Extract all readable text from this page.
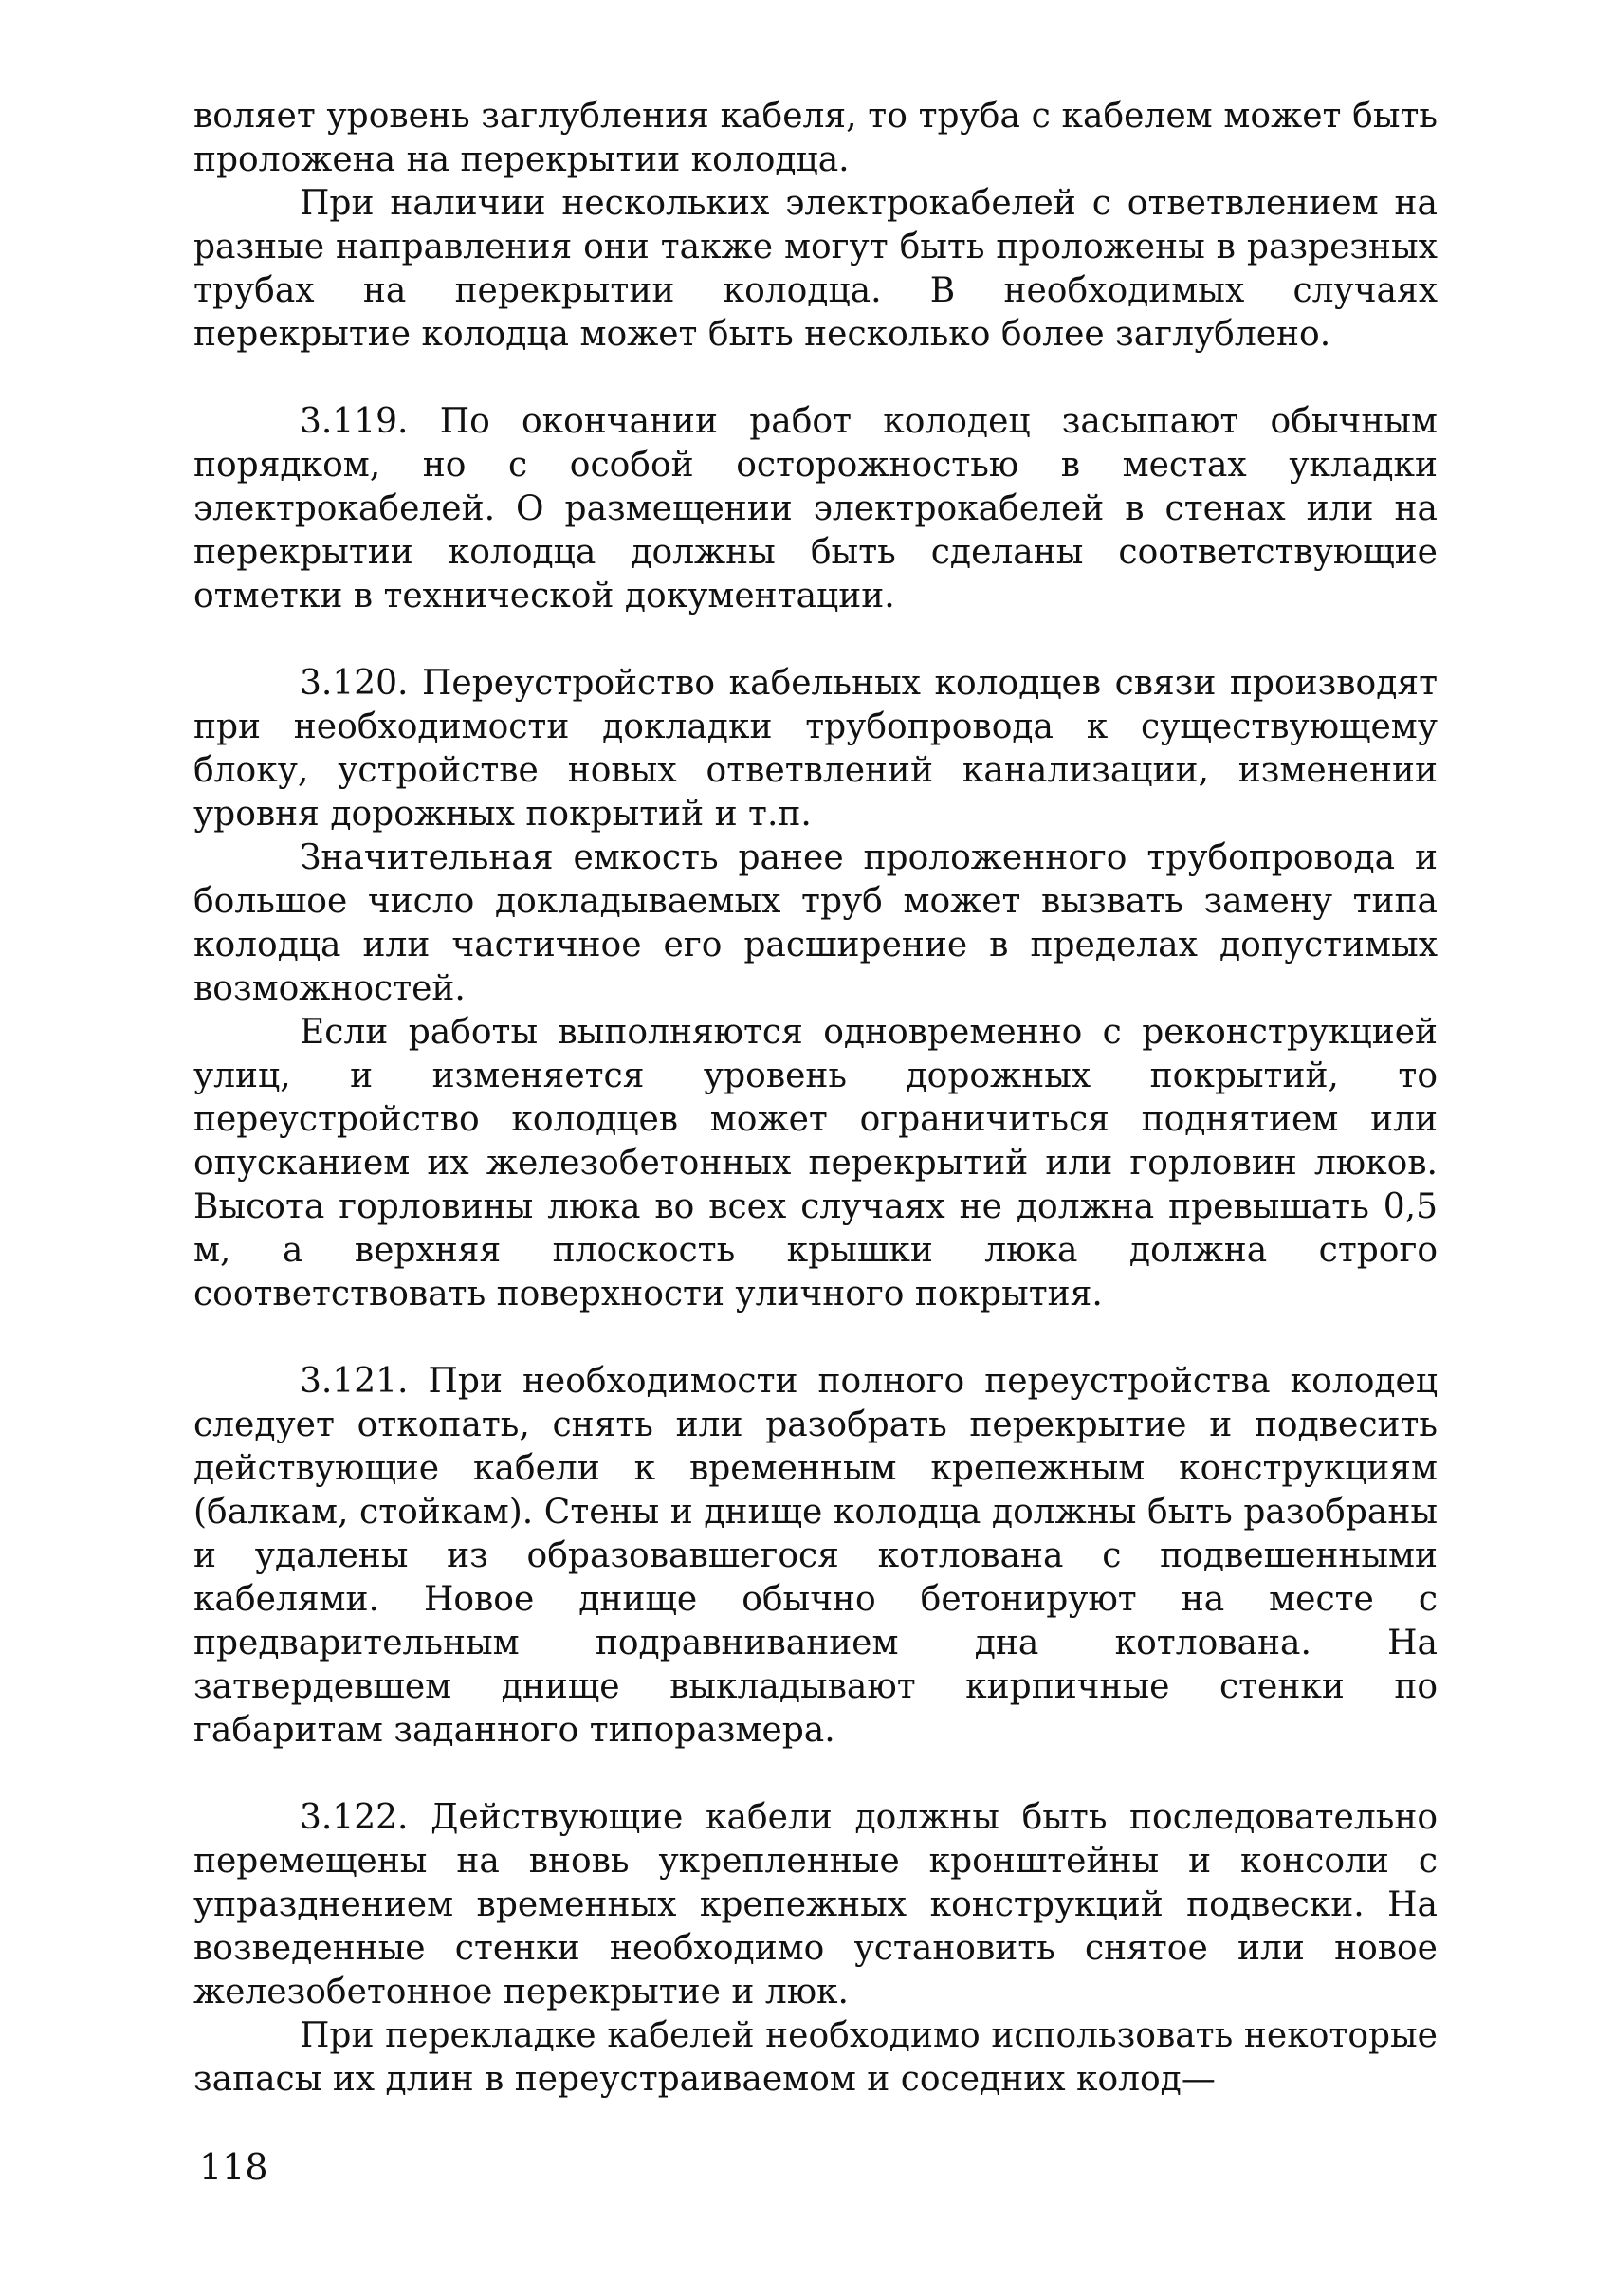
воляет уровень заглубления кабеля, то труба с кабелем может быть проложена на перекрытии колодца.

При наличии нескольких электрокабелей с ответвлением на разные направления они также могут быть проложены в разрезных трубах на перекрытии колодца. В необходимых случаях перекрытие колодца может быть несколько более заглублено.

3.119. По окончании работ колодец засыпают обычным порядком, но с особой осторожностью в местах укладки электрокабелей. О размещении электрокабелей в стенах или на перекрытии колодца должны быть сделаны соответствующие отметки в технической документации.

3.120. Переустройство кабельных колодцев связи производят при необходимости докладки трубопровода к существующему блоку, устройстве новых ответвлений канализации, изменении уровня дорожных покрытий и т.п.

Значительная емкость ранее проложенного трубопровода и большое число докладываемых труб может вызвать замену типа колодца или частичное его расширение в пределах допустимых возможностей.

Если работы выполняются одновременно с реконструкцией улиц, и изменяется уровень дорожных покрытий, то переустройство колодцев может ограничиться поднятием или опусканием их железобетонных перекрытий или горловин люков. Высота горловины люка во всех случаях не должна превышать 0,5 м, а верхняя плоскость крышки люка должна строго соответствовать поверхности уличного покрытия.

3.121. При необходимости полного переустройства колодец следует откопать, снять или разобрать перекрытие и подвесить действующие кабели к временным крепежным конструкциям (балкам, стойкам). Стены и днище колодца должны быть разобраны и удалены из образовавшегося котлована с подвешенными кабелями. Новое днище обычно бетонируют на месте с предварительным подравниванием дна котлована. На затвердевшем днище выкладывают кирпичные стенки по габаритам заданного типоразмера.

3.122. Действующие кабели должны быть последовательно перемещены на вновь укрепленные кронштейны и консоли с упразднением временных крепежных конструкций подвески. На возведенные стенки необходимо установить снятое или новое железобетонное перекрытие и люк.

При перекладке кабелей необходимо использовать некоторые запасы их длин в переустраиваемом и соседних колод—

118
